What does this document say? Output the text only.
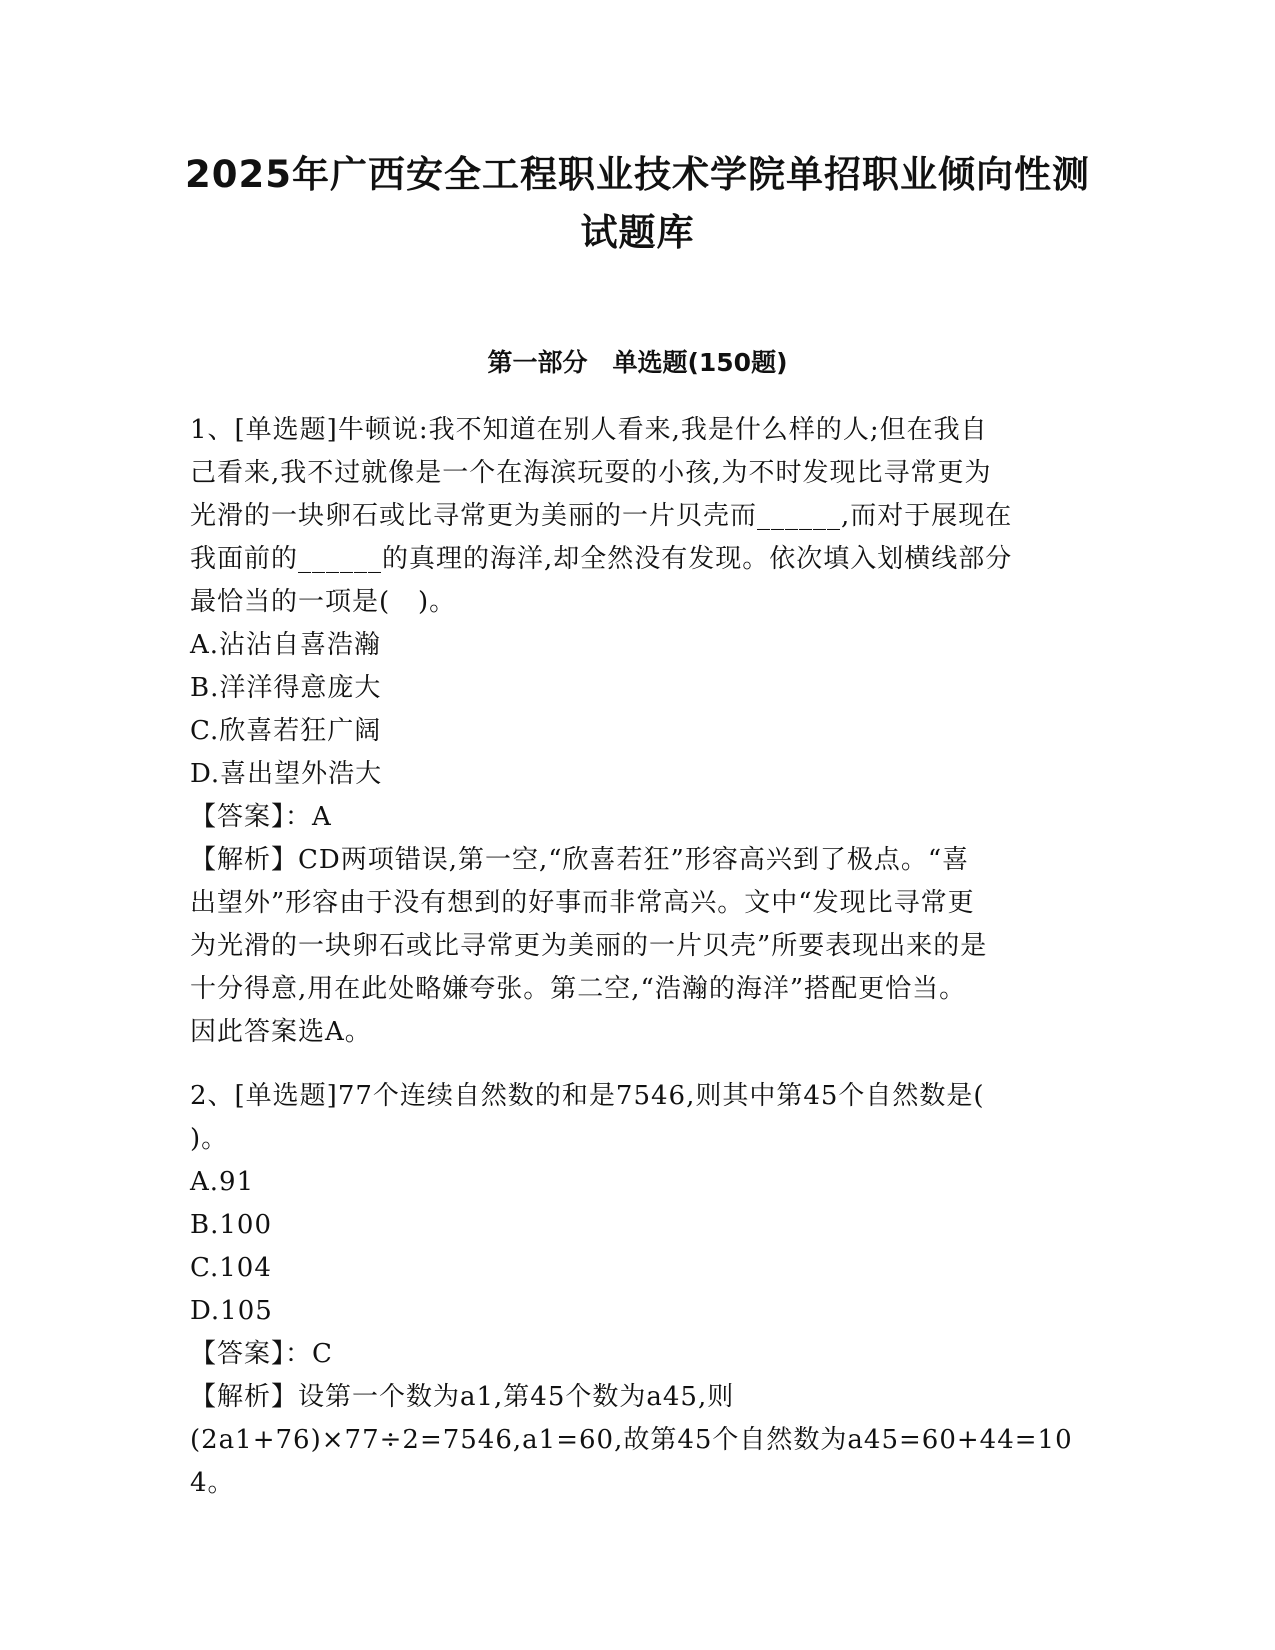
2025年广西安全工程职业技术学院单招职业倾向性测
试题库
第一部分　单选题(150题)

1、[单选题]牛顿说:我不知道在别人看来,我是什么样的人;但在我自

己看来,我不过就像是一个在海滨玩耍的小孩,为不时发现比寻常更为

光滑的一块卵石或比寻常更为美丽的一片贝壳而______,而对于展现在

我面前的______的真理的海洋,却全然没有发现。依次填入划横线部分

最恰当的一项是(   )。

A.沾沾自喜浩瀚

B.洋洋得意庞大

C.欣喜若狂广阔

D.喜出望外浩大

【答案】：A

【解析】CD两项错误,第一空,“欣喜若狂”形容高兴到了极点。“喜

出望外”形容由于没有想到的好事而非常高兴。文中“发现比寻常更

为光滑的一块卵石或比寻常更为美丽的一片贝壳”所要表现出来的是

十分得意,用在此处略嫌夸张。第二空,“浩瀚的海洋”搭配更恰当。

因此答案选A。

2、[单选题]77个连续自然数的和是7546,则其中第45个自然数是(

)。

A.91

B.100

C.104

D.105

【答案】：C

【解析】设第一个数为a1,第45个数为a45,则

(2a1+76)×77÷2=7546,a1=60,故第45个自然数为a45=60+44=104。
